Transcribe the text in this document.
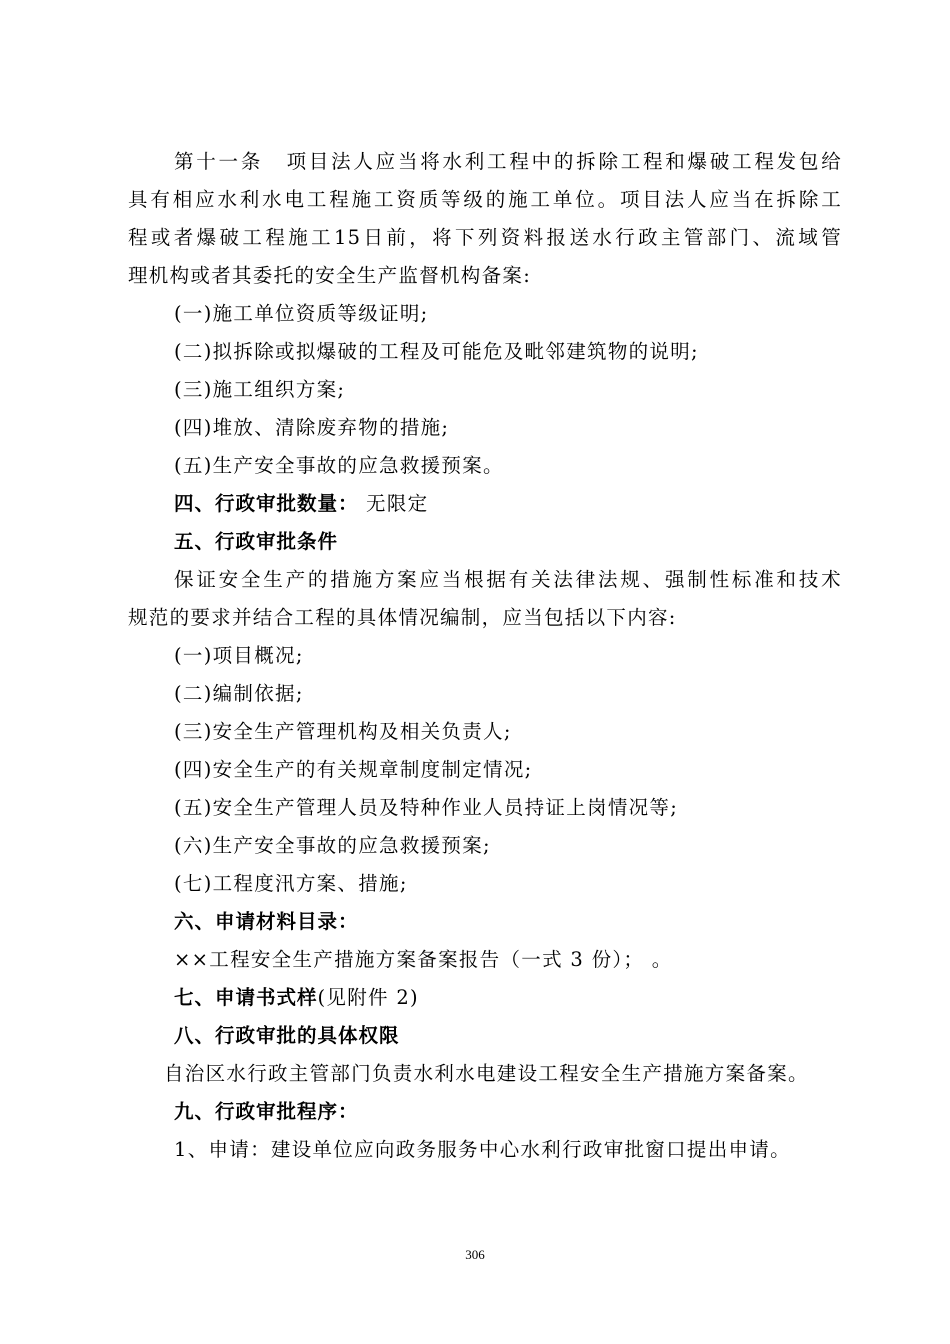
第十一条 项目法人应当将水利工程中的拆除工程和爆破工程发包给

具有相应水利水电工程施工资质等级的施工单位。项目法人应当在拆除工

程或者爆破工程施工15日前，将下列资料报送水行政主管部门、流域管

理机构或者其委托的安全生产监督机构备案:

(一)施工单位资质等级证明;

(二)拟拆除或拟爆破的工程及可能危及毗邻建筑物的说明;

(三)施工组织方案;

(四)堆放、清除废弃物的措施;

(五)生产安全事故的应急救援预案。

四、行政审批数量： 无限定

五、行政审批条件

保证安全生产的措施方案应当根据有关法律法规、强制性标准和技术

规范的要求并结合工程的具体情况编制，应当包括以下内容:

(一)项目概况;

(二)编制依据;

(三)安全生产管理机构及相关负责人;

(四)安全生产的有关规章制度制定情况;

(五)安全生产管理人员及特种作业人员持证上岗情况等;

(六)生产安全事故的应急救援预案;

(七)工程度汛方案、措施;

六、申请材料目录：

××工程安全生产措施方案备案报告（一式 3 份）； 。

七、申请书式样(见附件 2)

八、行政审批的具体权限

自治区水行政主管部门负责水利水电建设工程安全生产措施方案备案。

九、行政审批程序：

1、申请：建设单位应向政务服务中心水利行政审批窗口提出申请。

306
